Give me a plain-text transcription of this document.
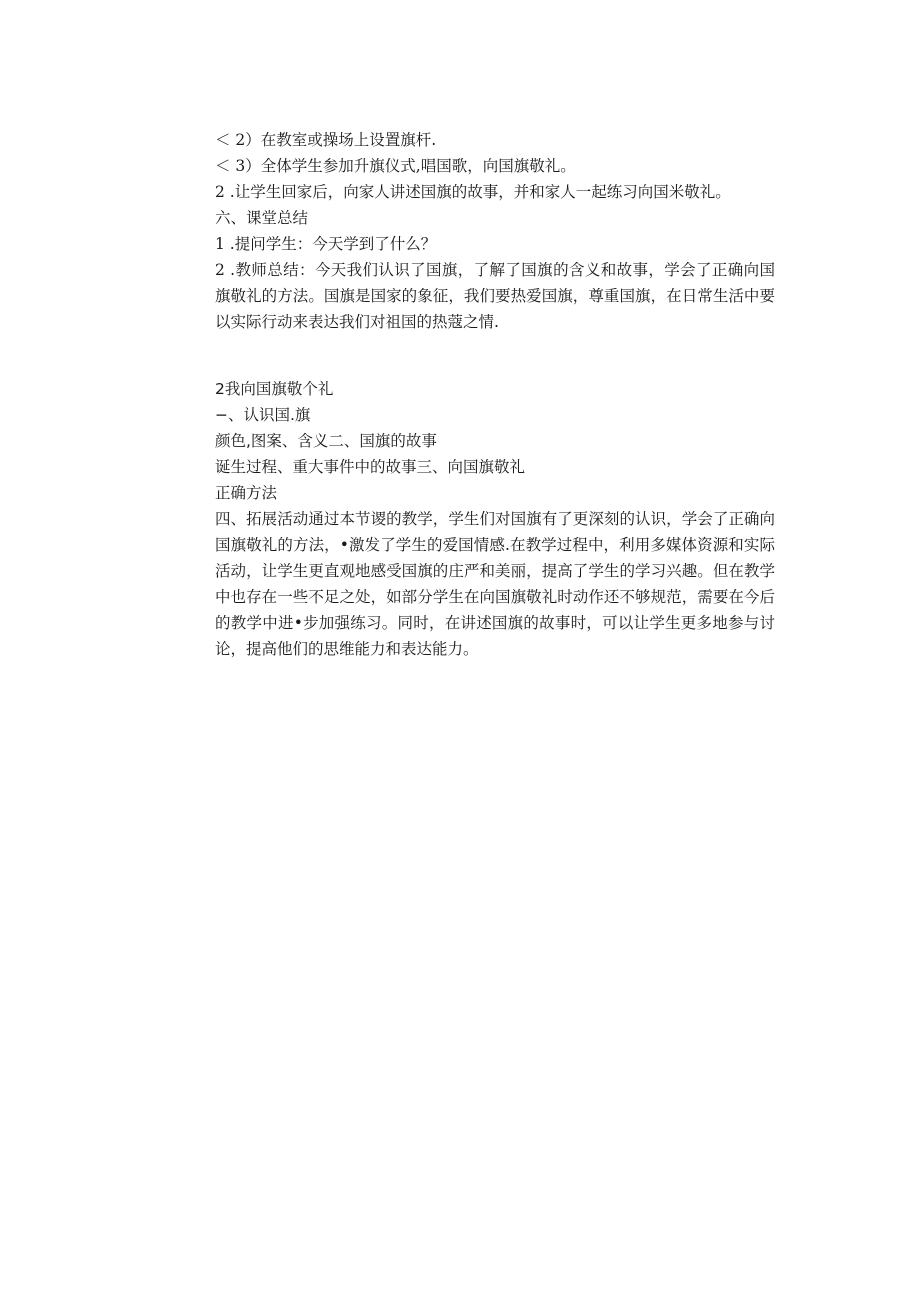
＜ 2）在教室或操场上设置旗杆.
＜ 3）全体学生参加升旗仪式,唱国歌，向国旗敬礼。
2 .让学生回家后，向家人讲述国旗的故事，并和家人一起练习向国米敬礼。
六、课堂总结
1 .提问学生：今天学到了什么？
2 .教师总结：今天我们认识了国旗，了解了国旗的含义和故事，学会了正确向国旗敬礼的方法。国旗是国家的象征，我们要热爱国旗，尊重国旗，在日常生活中要以实际行动来表达我们对祖国的热蔻之情.
2我向国旗敬个礼
−、认识国.旗
颜色,图案、含义二、国旗的故事
诞生过程、重大事件中的故事三、向国旗敬礼
正确方法
四、拓展活动通过本节谡的教学，学生们对国旗有了更深刻的认识，学会了正确向国旗敬礼的方法，•激发了学生的爱国情感.在教学过程中，利用多媒体资源和实际活动，让学生更直观地感受国旗的庄严和美丽，提高了学生的学习兴趣。但在教学中也存在一些不足之处，如部分学生在向国旗敬礼时动作还不够规范，需要在今后的教学中进•步加强练习。同时，在讲述国旗的故事时，可以让学生更多地参与讨论，提高他们的思维能力和表达能力。
